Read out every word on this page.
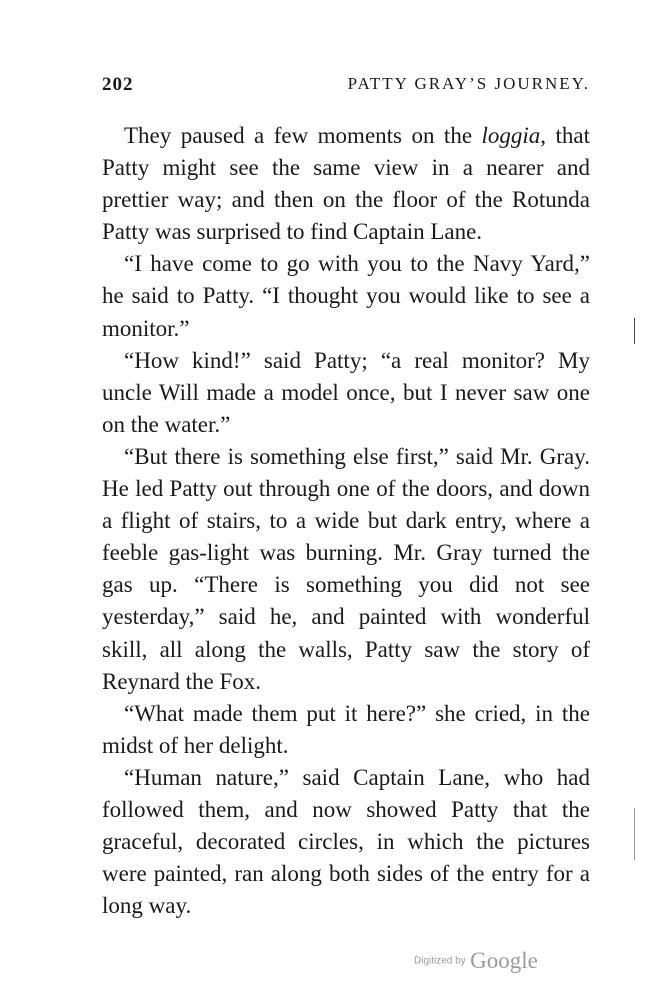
202	PATTY GRAY’S JOURNEY.

They paused a few moments on the loggia, that Patty might see the same view in a nearer and prettier way; and then on the floor of the Rotunda Patty was surprised to find Captain Lane.

“I have come to go with you to the Navy Yard,” he said to Patty. “I thought you would like to see a monitor.”

“How kind!” said Patty; “a real monitor? My uncle Will made a model once, but I never saw one on the water.”

“But there is something else first,” said Mr. Gray. He led Patty out through one of the doors, and down a flight of stairs, to a wide but dark entry, where a feeble gas-light was burning. Mr. Gray turned the gas up. “There is something you did not see yesterday,” said he, and painted with wonderful skill, all along the walls, Patty saw the story of Reynard the Fox.

“What made them put it here?” she cried, in the midst of her delight.

“Human nature,” said Captain Lane, who had followed them, and now showed Patty that the graceful, decorated circles, in which the pictures were painted, ran along both sides of the entry for a long way.

Digitized by Google
